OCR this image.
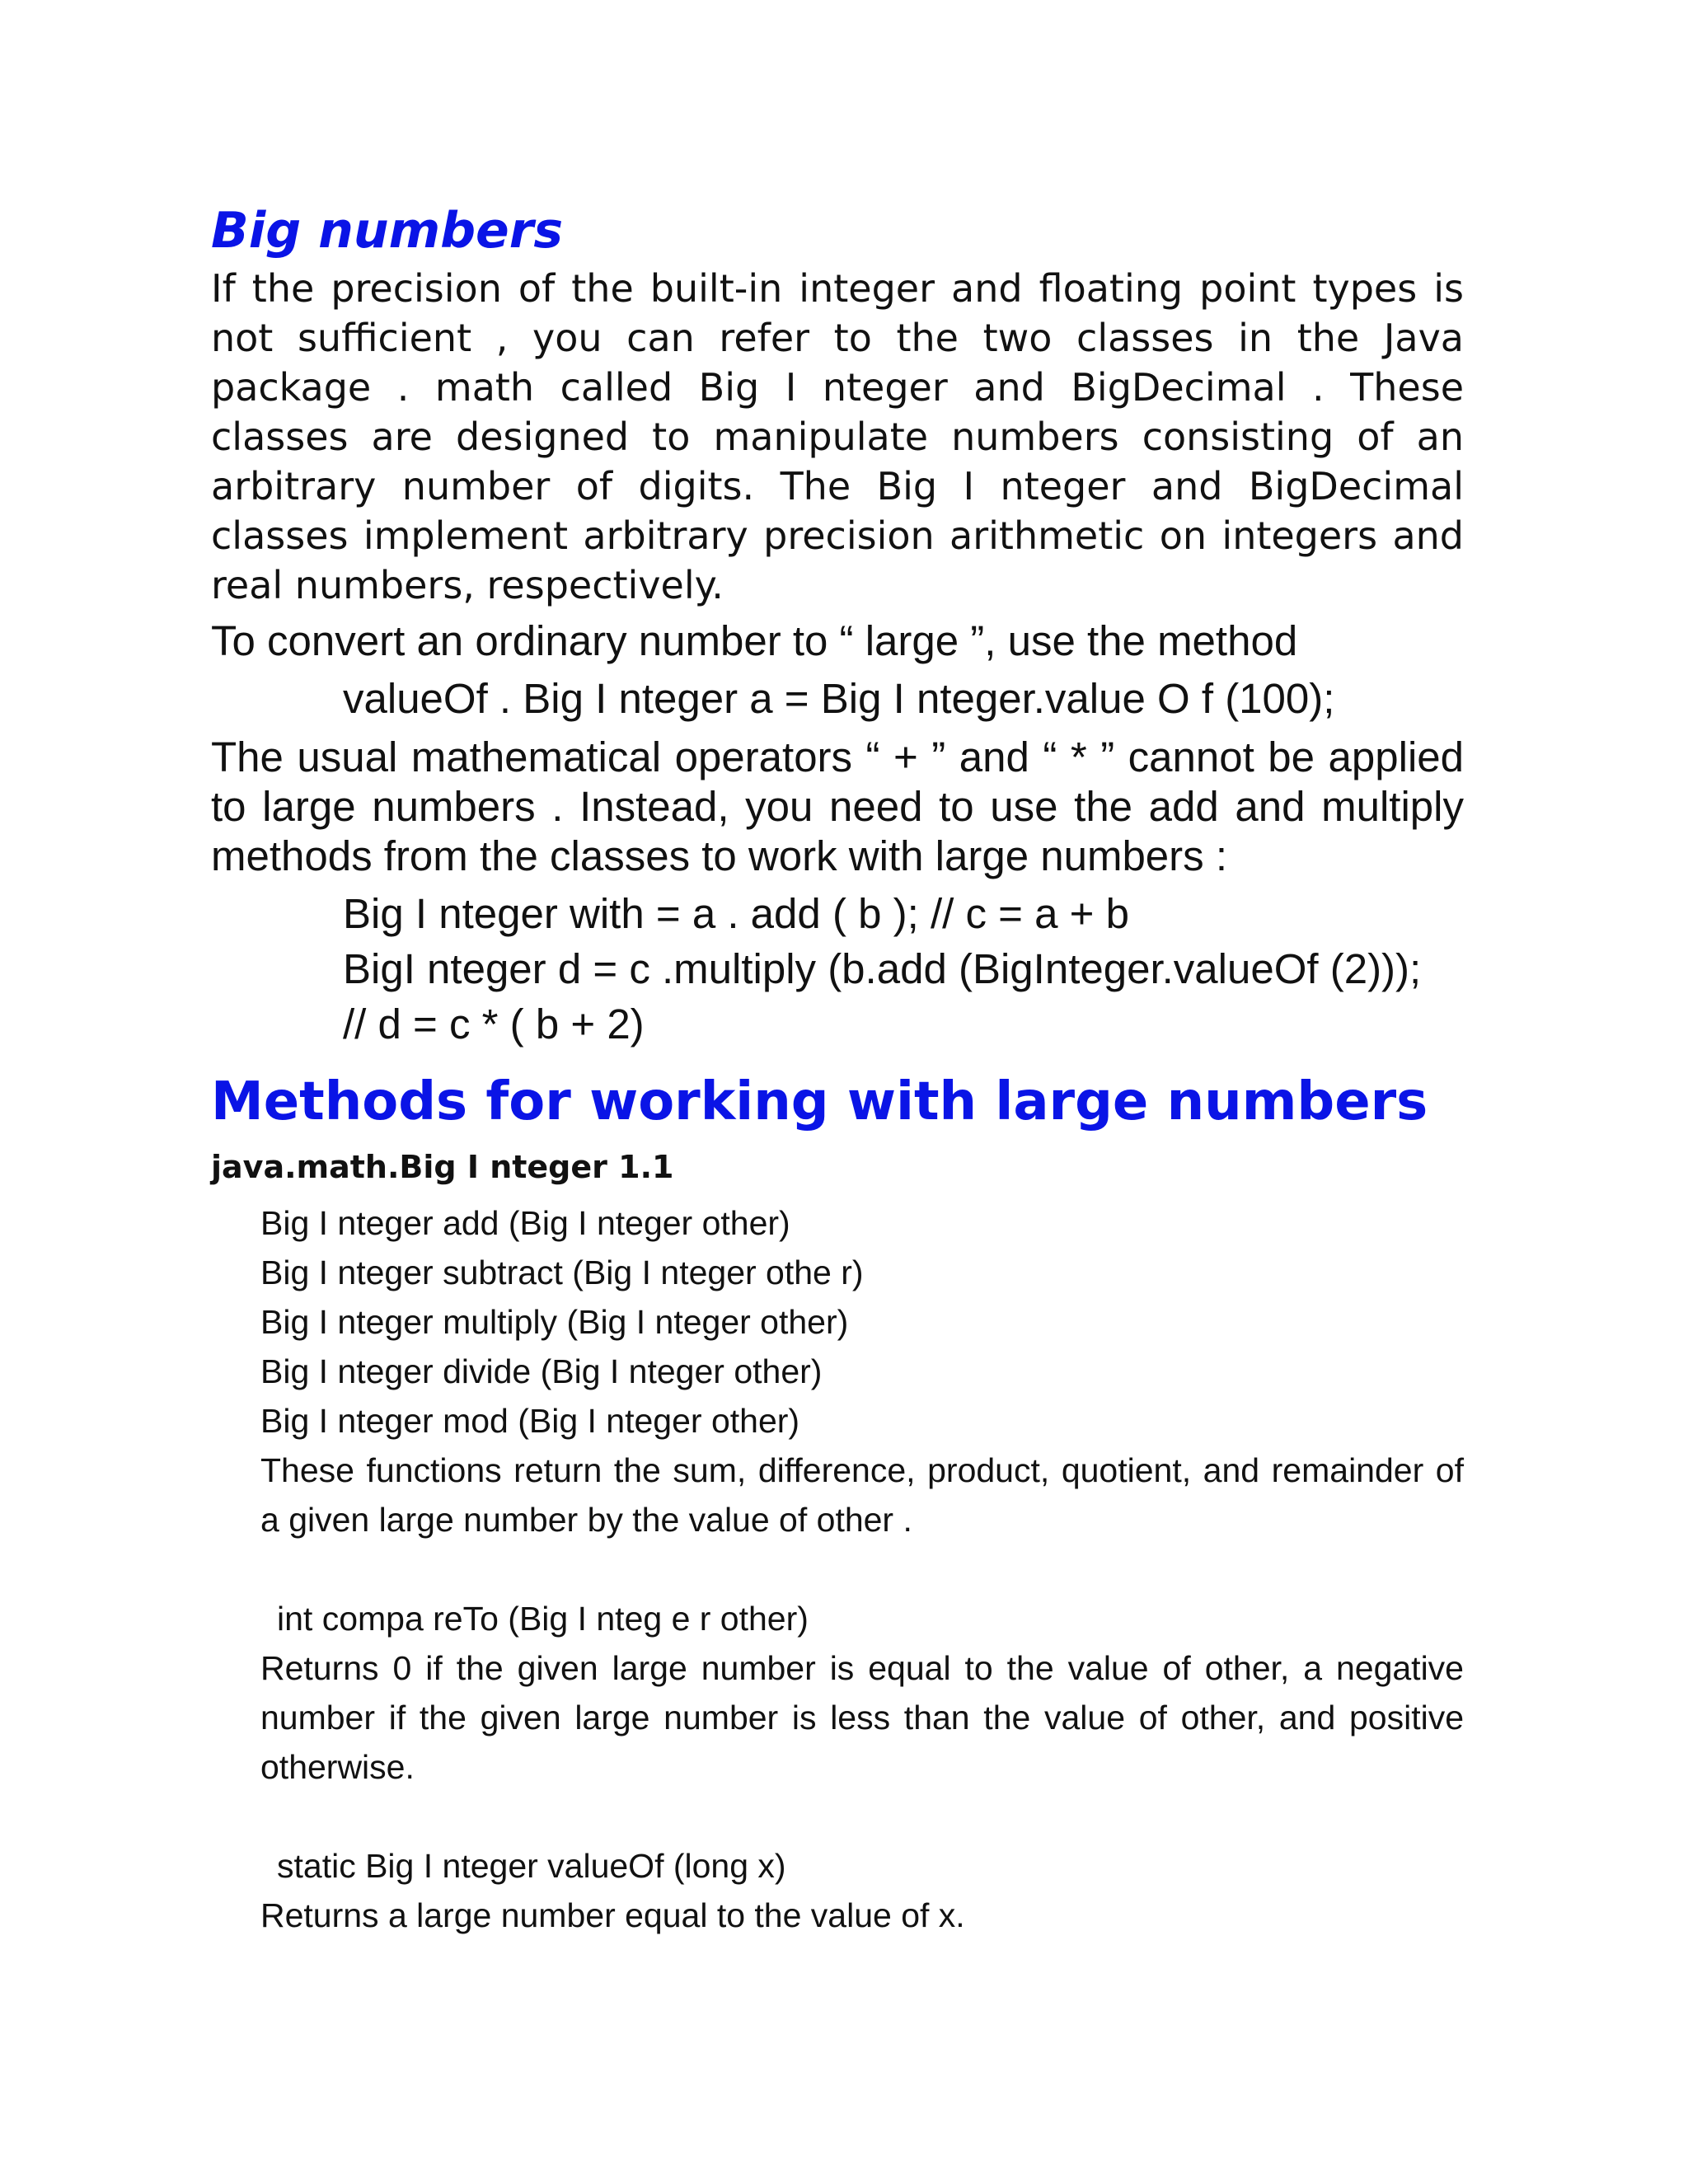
Big numbers

If the precision of the built-in integer and floating point types is not sufficient , you can refer to the two classes in the Java package . math called Big I nteger and BigDecimal . These classes are designed to manipulate numbers consisting of an arbitrary number of digits. The Big I nteger and BigDecimal classes implement arbitrary precision arithmetic on integers and real numbers, respectively.

To convert an ordinary number to “ large ”, use the method

valueOf . Big I nteger a = Big I nteger.value O f (100);

The usual mathematical operators “ + ” and “ * ” cannot be applied to large numbers . Instead, you need to use the add and multiply methods from the classes to work with large numbers :

Big I nteger with = a . add ( b ); // c = a + b

BigI nteger d = c .multiply (b.add (BigInteger.valueOf (2)));

// d = c * ( b + 2)

Methods for working with large numbers

java.math.Big I nteger 1.1

Big I nteger add (Big I nteger other)

Big I nteger subtract (Big I nteger othe r)

Big I nteger multiply (Big I nteger other)

Big I nteger divide (Big I nteger other)

Big I nteger mod (Big I nteger other)

These functions return the sum, difference, product, quotient, and remainder of a given large number by the value of other .

int compa reTo (Big I nteg e r other)

Returns 0 if the given large number is equal to the value of other, a negative number if the given large number is less than the value of other, and positive otherwise.

static Big I nteger valueOf (long x)

Returns a large number equal to the value of x.
